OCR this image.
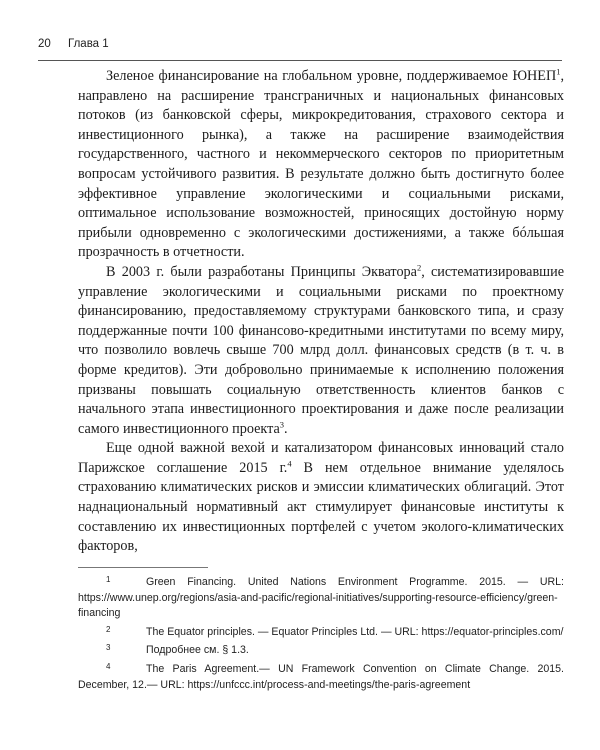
20 Глава 1

Зеленое финансирование на глобальном уровне, поддерживаемое ЮНЕП$^1$, направлено на расширение трансграничных и национальных финансовых потоков (из банковской сферы, микрокредитования, страхового сектора и инвестиционного рынка), а также на расширение взаимодействия государственного, частного и некоммерческого секторов по приоритетным вопросам устойчивого развития. В результате должно быть достигнуто более эффективное управление экологическими и социальными рисками, оптимальное использование возможностей, приносящих достойную норму прибыли одновременно с экологическими достижениями, а также бóльшая прозрачность в отчетности.

В 2003 г. были разработаны Принципы Экватора$^2$, систематизировавшие управление экологическими и социальными рисками по проектному финансированию, предоставляемому структурами банковского типа, и сразу поддержанные почти 100 финансово-кредитными институтами по всему миру, что позволило вовлечь свыше 700 млрд долл. финансовых средств (в т. ч. в форме кредитов). Эти добровольно принимаемые к исполнению положения призваны повышать социальную ответственность клиентов банков с начального этапа инвестиционного проектирования и даже после реализации самого инвестиционного проекта$^3$.

Еще одной важной вехой и катализатором финансовых инноваций стало Парижское соглашение 2015 г.$^4$ В нем отдельное внимание уделялось страхованию климатических рисков и эмиссии климатических облигаций. Этот наднациональный нормативный акт стимулирует финансовые институты к составлению их инвестиционных портфелей с учетом эколого-климатических факторов,

1	Green Financing. United Nations Environment Programme. 2015. — URL: https://www.unep.org/regions/asia-and-pacific/regional-initiatives/supporting-resource-efficiency/green-financing

2	The Equator principles. — Equator Principles Ltd. — URL: https://equator-principles.com/

3	Подробнее см. § 1.3.

4	The Paris Agreement.— UN Framework Convention on Climate Change. 2015. December, 12.— URL: https://unfccc.int/process-and-meetings/the-paris-agreement
